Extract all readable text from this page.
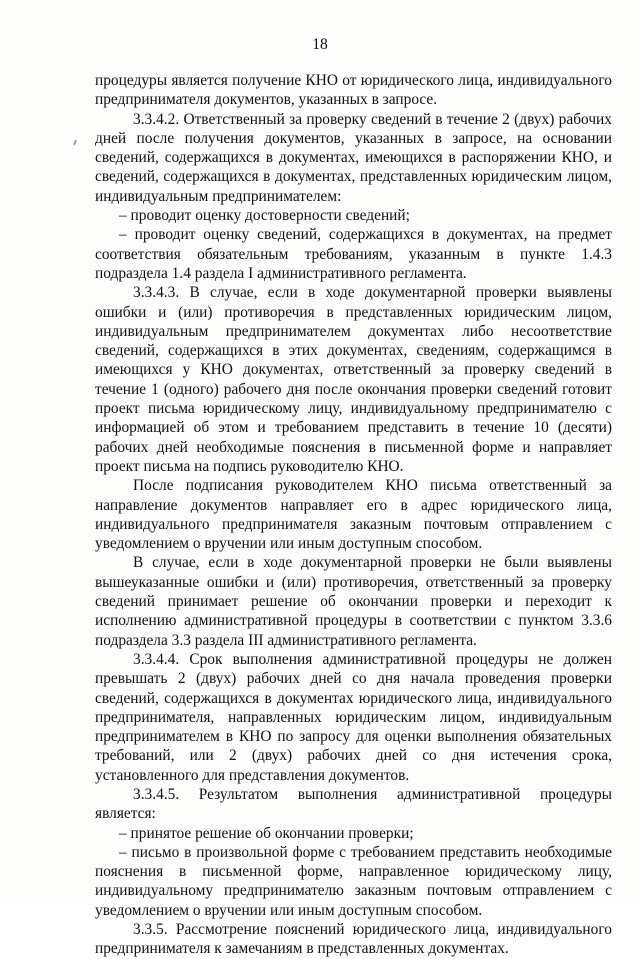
18

процедуры является получение КНО от юридического лица, индивидуального предпринимателя документов, указанных в запросе.

3.3.4.2. Ответственный за проверку сведений в течение 2 (двух) рабочих дней после получения документов, указанных в запросе, на основании сведений, содержащихся в документах, имеющихся в распоряжении КНО, и сведений, содержащихся в документах, представленных юридическим лицом, индивидуальным предпринимателем:

– проводит оценку достоверности сведений;

– проводит оценку сведений, содержащихся в документах, на предмет соответствия обязательным требованиям, указанным в пункте 1.4.3 подраздела 1.4 раздела I административного регламента.

3.3.4.3. В случае, если в ходе документарной проверки выявлены ошибки и (или) противоречия в представленных юридическим лицом, индивидуальным предпринимателем документах либо несоответствие сведений, содержащихся в этих документах, сведениям, содержащимся в имеющихся у КНО документах, ответственный за проверку сведений в течение 1 (одного) рабочего дня после окончания проверки сведений готовит проект письма юридическому лицу, индивидуальному предпринимателю с информацией об этом и требованием представить в течение 10 (десяти) рабочих дней необходимые пояснения в письменной форме и направляет проект письма на подпись руководителю КНО.

После подписания руководителем КНО письма ответственный за направление документов направляет его в адрес юридического лица, индивидуального предпринимателя заказным почтовым отправлением с уведомлением о вручении или иным доступным способом.

В случае, если в ходе документарной проверки не были выявлены вышеуказанные ошибки и (или) противоречия, ответственный за проверку сведений принимает решение об окончании проверки и переходит к исполнению административной процедуры в соответствии с пунктом 3.3.6 подраздела 3.3 раздела III административного регламента.

3.3.4.4. Срок выполнения административной процедуры не должен превышать 2 (двух) рабочих дней со дня начала проведения проверки сведений, содержащихся в документах юридического лица, индивидуального предпринимателя, направленных юридическим лицом, индивидуальным предпринимателем в КНО по запросу для оценки выполнения обязательных требований, или 2 (двух) рабочих дней со дня истечения срока, установленного для представления документов.

3.3.4.5. Результатом выполнения административной процедуры является:

– принятое решение об окончании проверки;

– письмо в произвольной форме с требованием представить необходимые пояснения в письменной форме, направленное юридическому лицу, индивидуальному предпринимателю заказным почтовым отправлением с уведомлением о вручении или иным доступным способом.

3.3.5. Рассмотрение пояснений юридического лица, индивидуального предпринимателя к замечаниям в представленных документах.
